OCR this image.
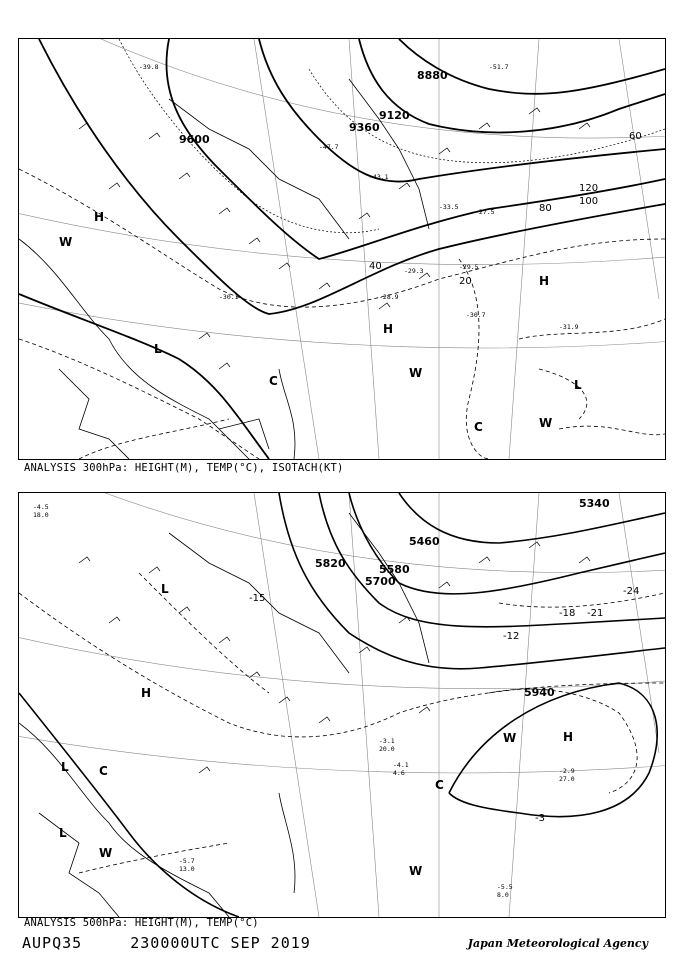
8880
9120
9360
9600
20
40
60
80
100
120
H
H
H
L
L
C
C
W
W
W
-39.8
-33.5
-28.9
-30.1
-31.9
-29.5
-27.5
-43.1
-47.7
-29.3
-30.7
-51.7
ANALYSIS 300hPa: HEIGHT(M), TEMP(°C), ISOTACH(KT)
5340
5460
5580
5700
5820
5940
-15
-18 -21
-24
-12
-3
H
H
L
L
L
C
C
W
W
W
-4.5
18.0
-5.7
13.0
-3.1
20.0
-4.1
4.6	-2.9
27.0
-5.5
8.0
ANALYSIS 500hPa: HEIGHT(M), TEMP(°C)
AUPQ35	230000UTC SEP 2019	Japan Meteorological Agency
